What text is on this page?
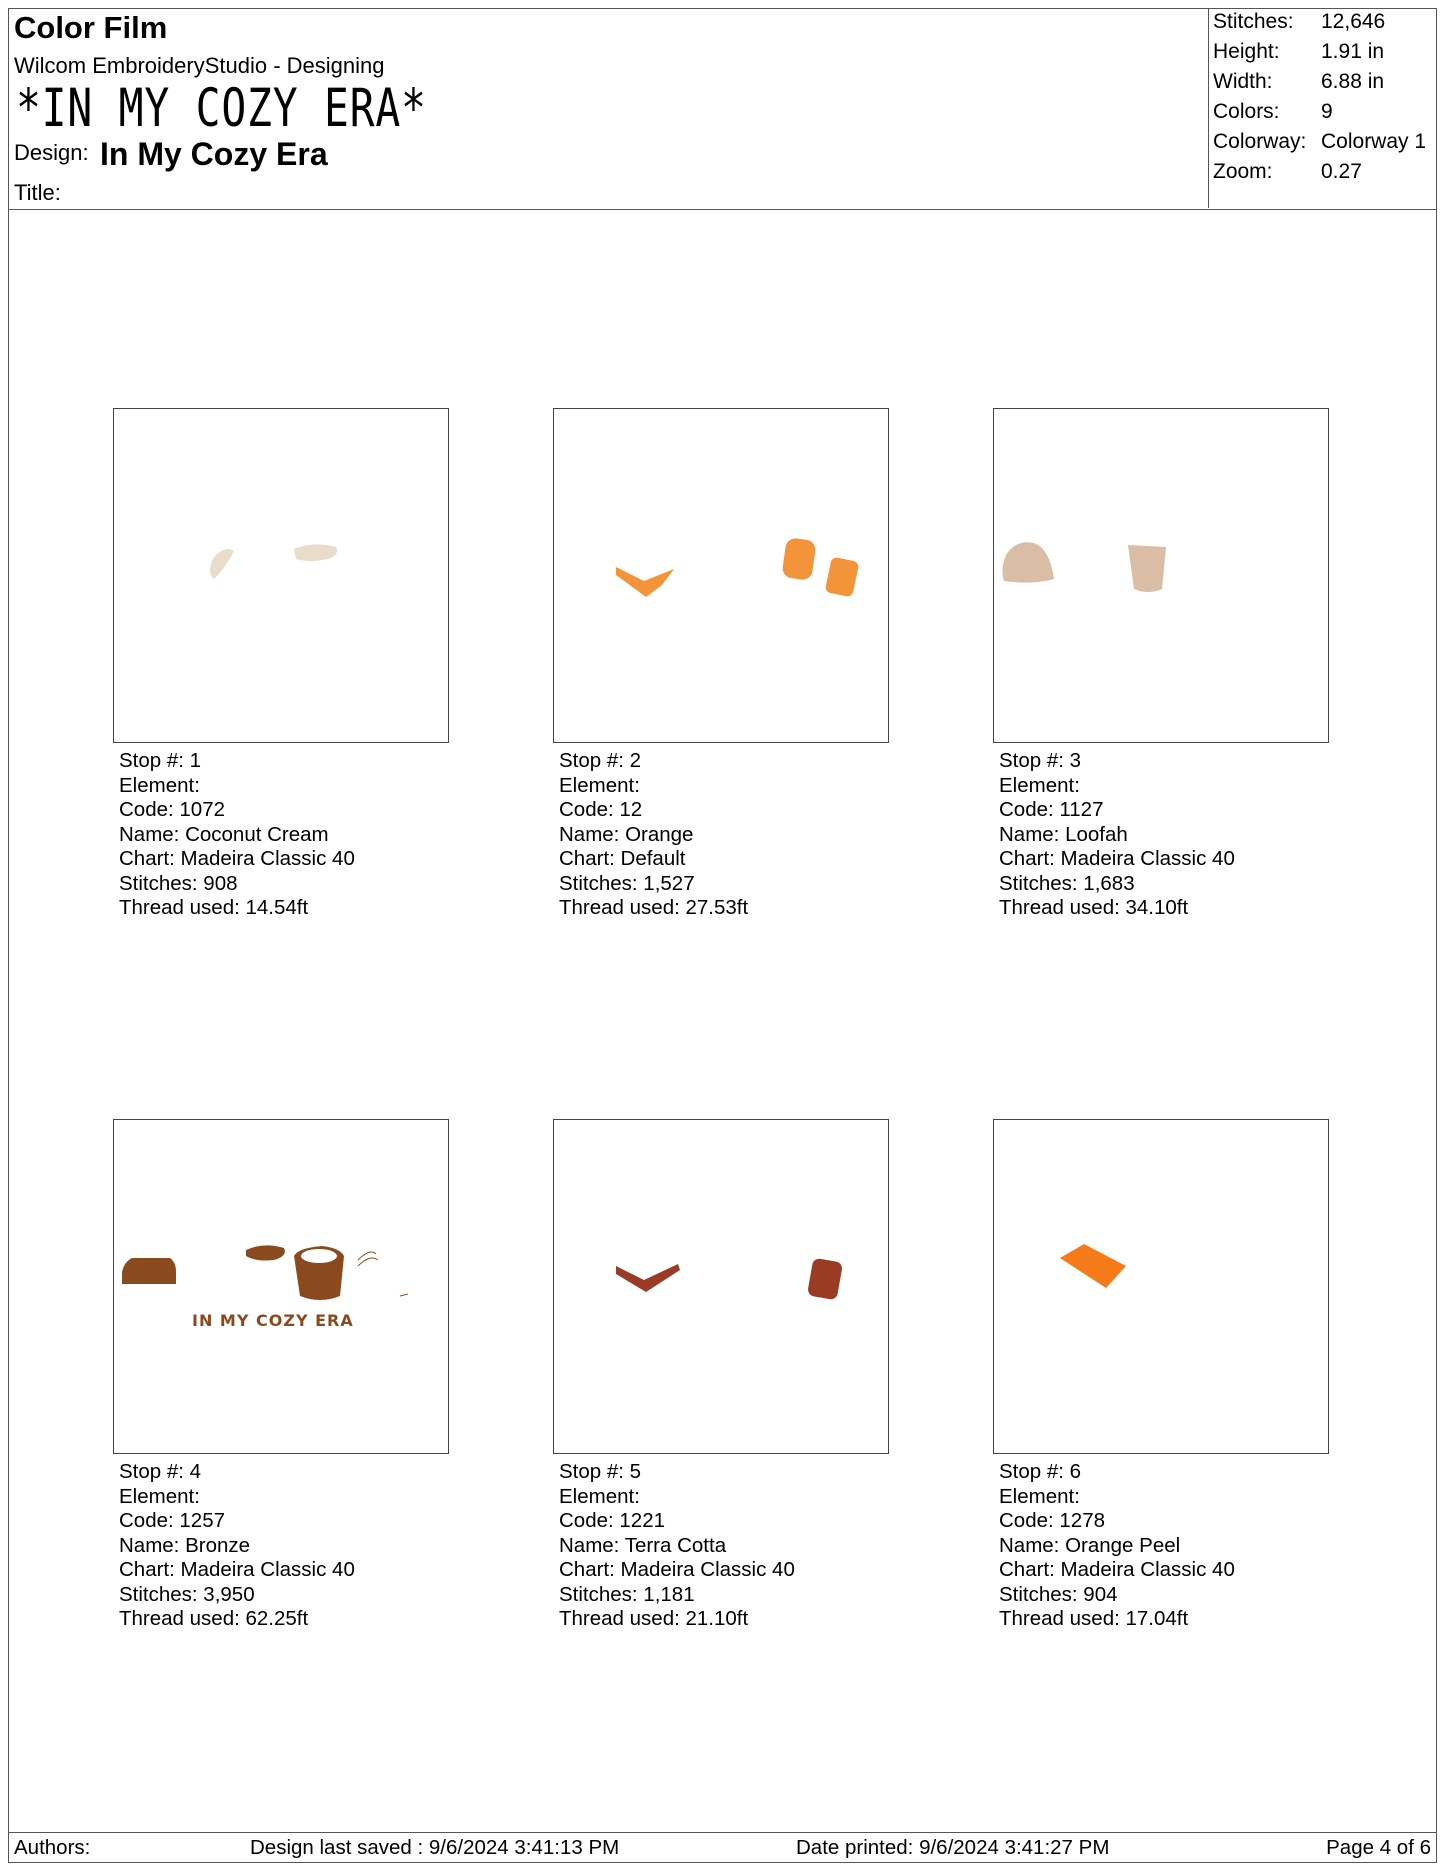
Color Film
Wilcom EmbroideryStudio - Designing
*IN MY COZY ERA*
Design: In My Cozy Era
Title:
Stitches: 12,646
Height: 1.91 in
Width: 6.88 in
Colors: 9
Colorway: Colorway 1
Zoom: 0.27
Stop #: 1
Element:
Code: 1072
Name: Coconut Cream
Chart: Madeira Classic 40
Stitches: 908
Thread used: 14.54ft
Stop #: 2
Element:
Code: 12
Name: Orange
Chart: Default
Stitches: 1,527
Thread used: 27.53ft
Stop #: 3
Element:
Code: 1127
Name: Loofah
Chart: Madeira Classic 40
Stitches: 1,683
Thread used: 34.10ft
IN MY COZY ERA
Stop #: 4
Element:
Code: 1257
Name: Bronze
Chart: Madeira Classic 40
Stitches: 3,950
Thread used: 62.25ft
Stop #: 5
Element:
Code: 1221
Name: Terra Cotta
Chart: Madeira Classic 40
Stitches: 1,181
Thread used: 21.10ft
Stop #: 6
Element:
Code: 1278
Name: Orange Peel
Chart: Madeira Classic 40
Stitches: 904
Thread used: 17.04ft
Authors:	Design last saved : 9/6/2024 3:41:13 PM	Date printed: 9/6/2024 3:41:27 PM	Page 4 of 6
